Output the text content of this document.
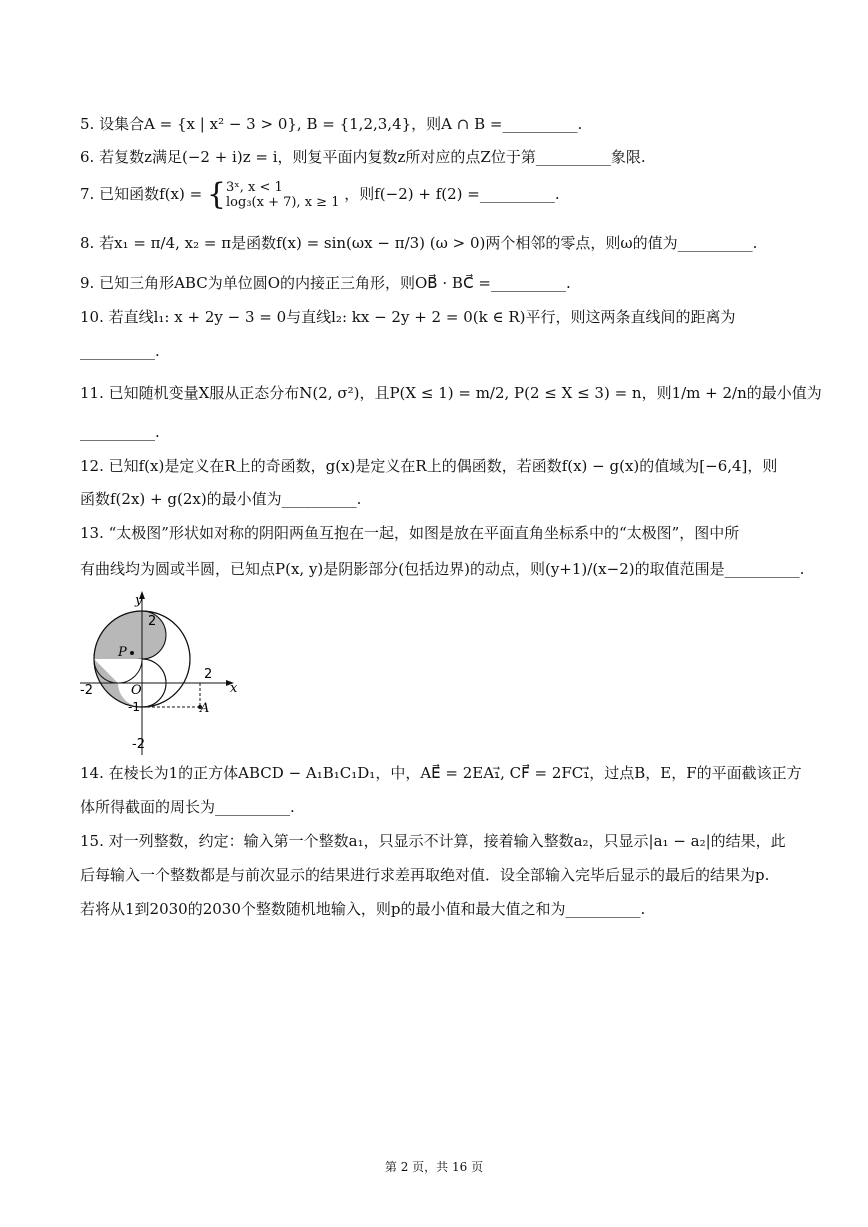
5. 设集合A = {x | x² − 3 > 0}, B = {1,2,3,4}，则A ∩ B =__________.
6. 若复数z满足(−2 + i)z = i，则复平面内复数z所对应的点Z位于第__________象限.
7. 已知函数f(x) = { 3ˣ, x < 1
log₃(x + 7), x ≥ 1 ，则f(−2) + f(2) =__________.
8. 若x₁ = π/4, x₂ = π是函数f(x) = sin(ωx − π/3) (ω > 0)两个相邻的零点，则ω的值为__________.
9. 已知三角形ABC为单位圆O的内接正三角形，则OB⃗ · BC⃗ =__________.
10. 若直线l₁: x + 2y − 3 = 0与直线l₂: kx − 2y + 2 = 0(k ∈ R)平行，则这两条直线间的距离为
__________.
11. 已知随机变量X服从正态分布N(2, σ²)，且P(X ≤ 1) = m/2, P(2 ≤ X ≤ 3) = n，则1/m + 2/n的最小值为
__________.
12. 已知f(x)是定义在R上的奇函数，g(x)是定义在R上的偶函数，若函数f(x) − g(x)的值域为[−6,4]，则
函数f(2x) + g(2x)的最小值为__________.
13. “太极图”形状如对称的阴阳两鱼互抱在一起，如图是放在平面直角坐标系中的“太极图”，图中所
有曲线均为圆或半圆，已知点P(x, y)是阴影部分(包括边界)的动点，则(y+1)/(x−2)的取值范围是__________.
y
x
2
2
-2
-2
-1
O
P
A
14. 在棱长为1的正方体ABCD − A₁B₁C₁D₁，中，AE⃗ = 2EA₁⃗, CF⃗ = 2FC₁⃗，过点B，E，F的平面截该正方
体所得截面的周长为__________.
15. 对一列整数，约定：输入第一个整数a₁，只显示不计算，接着输入整数a₂，只显示|a₁ − a₂|的结果，此
后每输入一个整数都是与前次显示的结果进行求差再取绝对值．设全部输入完毕后显示的最后的结果为p.
若将从1到2030的2030个整数随机地输入，则p的最小值和最大值之和为__________.
第 2 页，共 16 页
